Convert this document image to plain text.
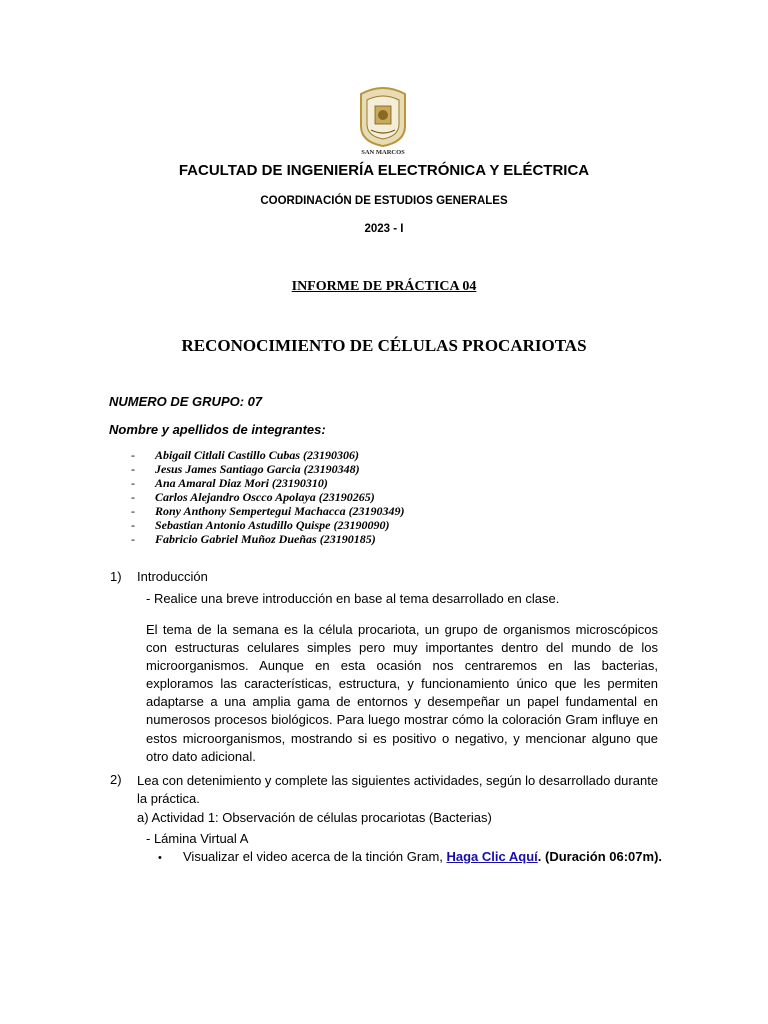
SAN MARCOS
FACULTAD DE INGENIERÍA ELECTRÓNICA Y ELÉCTRICA
COORDINACIÓN DE ESTUDIOS GENERALES
2023 - I
INFORME DE PRÁCTICA 04
RECONOCIMIENTO DE CÉLULAS PROCARIOTAS
NUMERO DE GRUPO: 07
Nombre y apellidos de integrantes:
- Abigail Citlali Castillo Cubas (23190306)
- Jesus James Santiago Garcia (23190348)
- Ana Amaral Diaz Mori (23190310)
- Carlos Alejandro Oscco Apolaya (23190265)
- Rony Anthony Sempertegui Machacca (23190349)
- Sebastian Antonio Astudillo Quispe (23190090)
- Fabricio Gabriel Muñoz Dueñas (23190185)
1) Introducción
- Realice una breve introducción en base al tema desarrollado en clase.
El tema de la semana es la célula procariota, un grupo de organismos microscópicos con estructuras celulares simples pero muy importantes dentro del mundo de los microorganismos. Aunque en esta ocasión nos centraremos en las bacterias, exploramos las características, estructura, y funcionamiento único que les permiten adaptarse a una amplia gama de entornos y desempeñar un papel fundamental en numerosos procesos biológicos. Para luego mostrar cómo la coloración Gram influye en estos microorganismos, mostrando si es positivo o negativo, y mencionar alguno que otro dato adicional.
2) Lea con detenimiento y complete las siguientes actividades, según lo desarrollado durante la práctica.
a) Actividad 1: Observación de células procariotas (Bacterias)
- Lámina Virtual A
• Visualizar el video acerca de la tinción Gram, Haga Clic Aquí. (Duración 06:07m).
